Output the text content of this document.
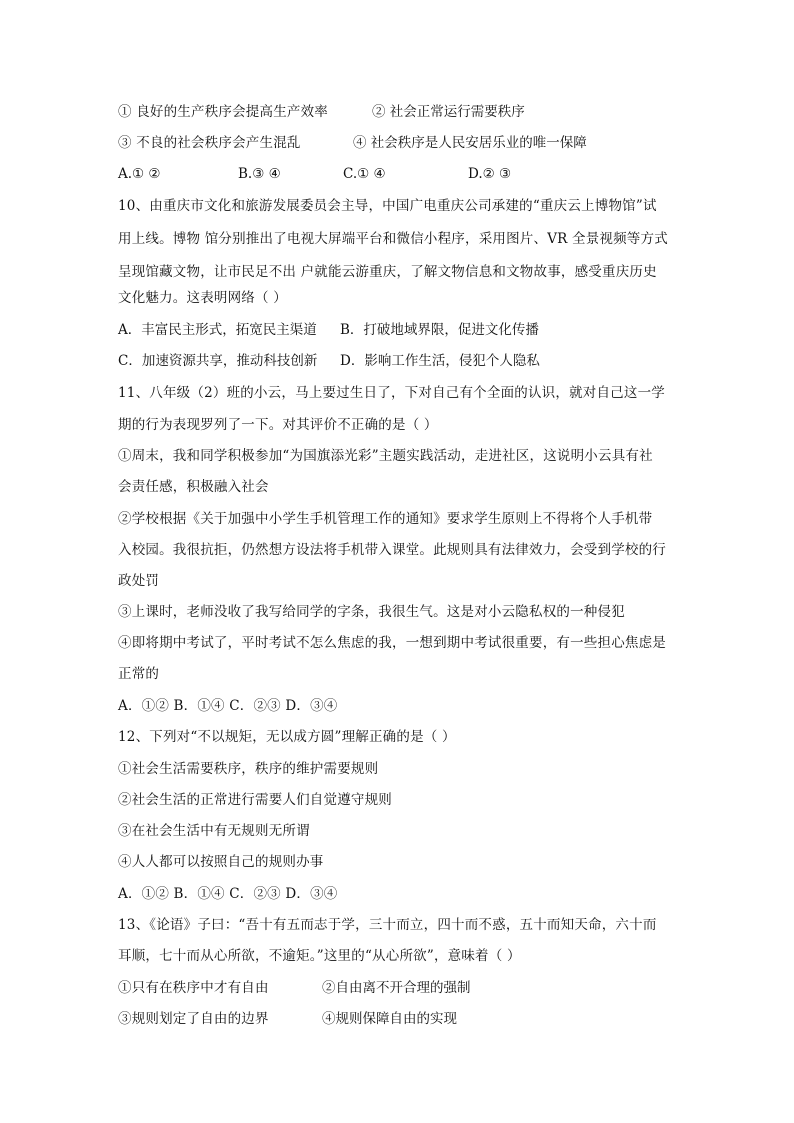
① 良好的生产秩序会提高生产效率	② 社会正常运行需要秩序
③ 不良的社会秩序会产生混乱	④ 社会秩序是人民安居乐业的唯一保障
A.① ②	B.③ ④	C.① ④	D.② ③
10、由重庆市文化和旅游发展委员会主导，中国广电重庆公司承建的“重庆云上博物馆”试
用上线。博物 馆分别推出了电视大屏端平台和微信小程序，采用图片、VR 全景视频等方式
呈现馆藏文物，让市民足不出 户就能云游重庆，了解文物信息和文物故事，感受重庆历史
文化魅力。这表明网络（ ）
A．丰富民主形式，拓宽民主渠道 B．打破地域界限，促进文化传播
C．加速资源共享，推动科技创新 D．影响工作生活，侵犯个人隐私
11、八年级（2）班的小云，马上要过生日了，下对自己有个全面的认识，就对自己这一学
期的行为表现罗列了一下。对其评价不正确的是（ ）
①周末，我和同学积极参加“为国旗添光彩”主题实践活动，走进社区，这说明小云具有社
会责任感，积极融入社会
②学校根据《关于加强中小学生手机管理工作的通知》要求学生原则上不得将个人手机带
入校园。我很抗拒，仍然想方设法将手机带入课堂。此规则具有法律效力，会受到学校的行
政处罚
③上课时，老师没收了我写给同学的字条，我很生气。这是对小云隐私权的一种侵犯
④即将期中考试了，平时考试不怎么焦虑的我，一想到期中考试很重要，有一些担心焦虑是
正常的
A．①② B．①④ C．②③ D．③④
12、下列对“不以规矩，无以成方圆”理解正确的是（ ）
①社会生活需要秩序，秩序的维护需要规则
②社会生活的正常进行需要人们自觉遵守规则
③在社会生活中有无规则无所谓
④人人都可以按照自己的规则办事
A．①② B．①④ C．②③ D．③④
13、《论语》子曰：“吾十有五而志于学，三十而立，四十而不惑，五十而知天命，六十而
耳顺，七十而从心所欲，不逾矩。”这里的“从心所欲”，意味着（ ）
①只有在秩序中才有自由	②自由离不开合理的强制
③规则划定了自由的边界	④规则保障自由的实现
